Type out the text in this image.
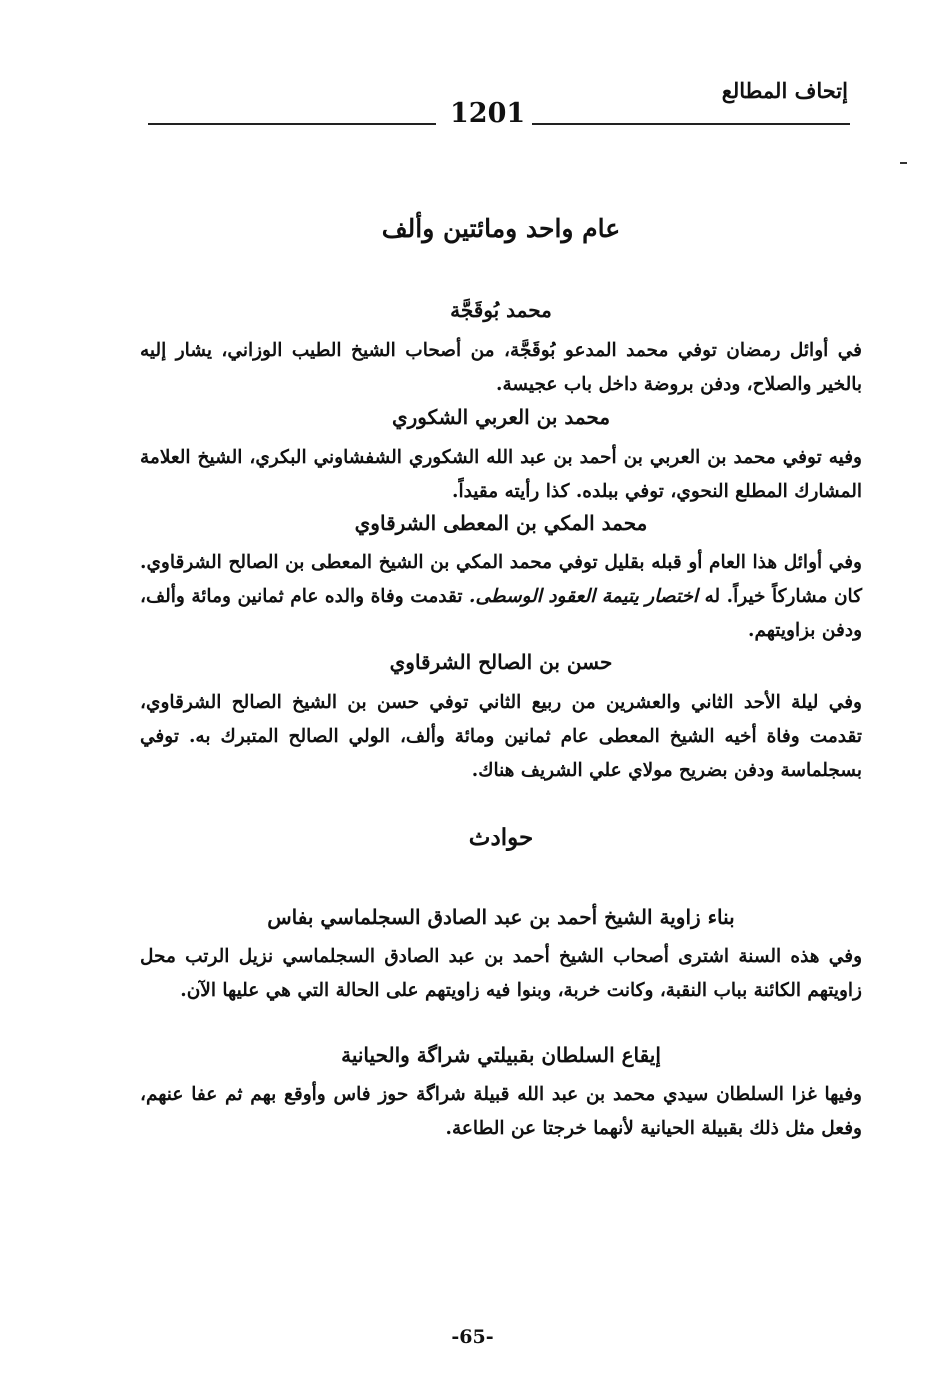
إتحاف المطالع
1201
عام واحد ومائتين وألف
محمد بُوقَجَّة
في أوائل رمضان توفي محمد المدعو بُوقَجَّة، من أصحاب الشيخ الطيب الوزاني، يشار إليه بالخير والصلاح، ودفن بروضة داخل باب عجيسة.
محمد بن العربي الشكوري
وفيه توفي محمد بن العربي بن أحمد بن عبد الله الشكوري الشفشاوني البكري، الشيخ العلامة المشارك المطلع النحوي، توفي ببلده. كذا رأيته مقيداً.
محمد المكي بن المعطى الشرقاوي
وفي أوائل هذا العام أو قبله بقليل توفي محمد المكي بن الشيخ المعطى بن الصالح الشرقاوي. كان مشاركاً خيراً. له اختصار يتيمة العقود الوسطى. تقدمت وفاة والده عام ثمانين ومائة وألف، ودفن بزاويتهم.
حسن بن الصالح الشرقاوي
وفي ليلة الأحد الثاني والعشرين من ربيع الثاني توفي حسن بن الشيخ الصالح الشرقاوي، تقدمت وفاة أخيه الشيخ المعطى عام ثمانين ومائة وألف، الولي الصالح المتبرك به. توفي بسجلماسة ودفن بضريح مولاي علي الشريف هناك.
حوادث
بناء زاوية الشيخ أحمد بن عبد الصادق السجلماسي بفاس
وفي هذه السنة اشترى أصحاب الشيخ أحمد بن عبد الصادق السجلماسي نزيل الرتب محل زاويتهم الكائنة بباب النقبة، وكانت خربة، وبنوا فيه زاويتهم على الحالة التي هي عليها الآن.
إيقاع السلطان بقبيلتي شراگة والحيانية
وفيها غزا السلطان سيدي محمد بن عبد الله قبيلة شراگة حوز فاس وأوقع بهم ثم عفا عنهم، وفعل مثل ذلك بقبيلة الحيانية لأنهما خرجتا عن الطاعة.
-65-
